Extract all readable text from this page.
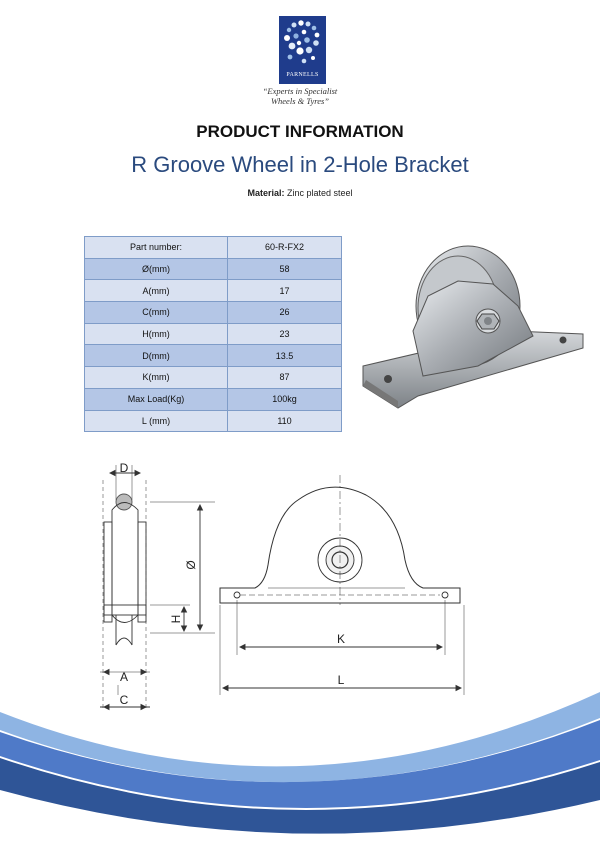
PARNELLS
“Experts in Specialist
Wheels & Tyres”
PRODUCT INFORMATION
R Groove Wheel in 2-Hole Bracket
Material: Zinc plated steel
Part number:	60-R-FX2
Ø(mm)	58
A(mm)	17
C(mm)	26
H(mm)	23
D(mm)	13.5
K(mm)	87
Max Load(Kg)	100kg
L (mm)	110
D
Ø
H
A
C
K
L
